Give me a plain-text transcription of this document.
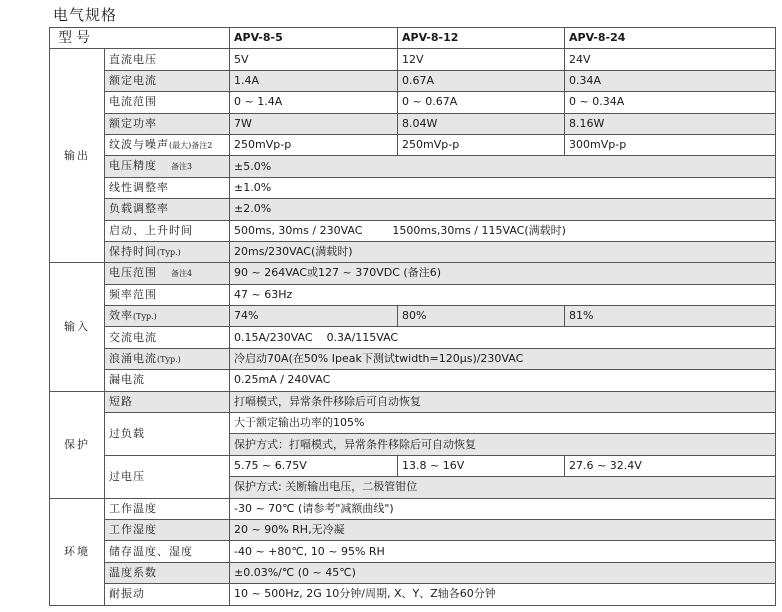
电气规格
型号		APV-8-5	APV-8-12	APV-8-24
输出	直流电压	5V	12V	24V
	额定电流	1.4A	0.67A	0.34A
	电流范围	0 ~ 1.4A	0 ~ 0.67A	0 ~ 0.34A
	额定功率	7W	8.04W	8.16W
	纹波与噪声(最大)备注2	250mVp-p	250mVp-p	300mVp-p
	电压精度 备注3	±5.0%		
	线性调整率	±1.0%		
	负载调整率	±2.0%		
	启动、上升时间	500ms, 30ms / 230VAC 1500ms,30ms / 115VAC(满载时)		
	保持时间(Typ.)	20ms/230VAC(满载时)		
输入	电压范围 备注4	90 ~ 264VAC或127 ~ 370VDC (备注6)		
	频率范围	47 ~ 63Hz		
	效率(Typ.)	74%	80%	81%
	交流电流	0.15A/230VAC 0.3A/115VAC		
	浪涌电流(Typ.)	冷启动70A(在50% Ipeak下测试twidth=120µs)/230VAC		
	漏电流	0.25mA / 240VAC		
保护	短路	打嗝模式，异常条件移除后可自动恢复		
	过负载	大于额定输出功率的105%		
		保护方式：打嗝模式，异常条件移除后可自动恢复		
	过电压	5.75 ~ 6.75V	13.8 ~ 16V	27.6 ~ 32.4V
		保护方式: 关断输出电压，二极管钳位		
环境	工作温度	-30 ~ 70℃ (请参考"减额曲线")		
	工作湿度	20 ~ 90% RH,无冷凝		
	储存温度、湿度	-40 ~ +80℃, 10 ~ 95% RH		
	温度系数	±0.03%/℃ (0 ~ 45℃)		
	耐振动	10 ~ 500Hz, 2G 10分钟/周期, X、Y、Z轴各60分钟		
